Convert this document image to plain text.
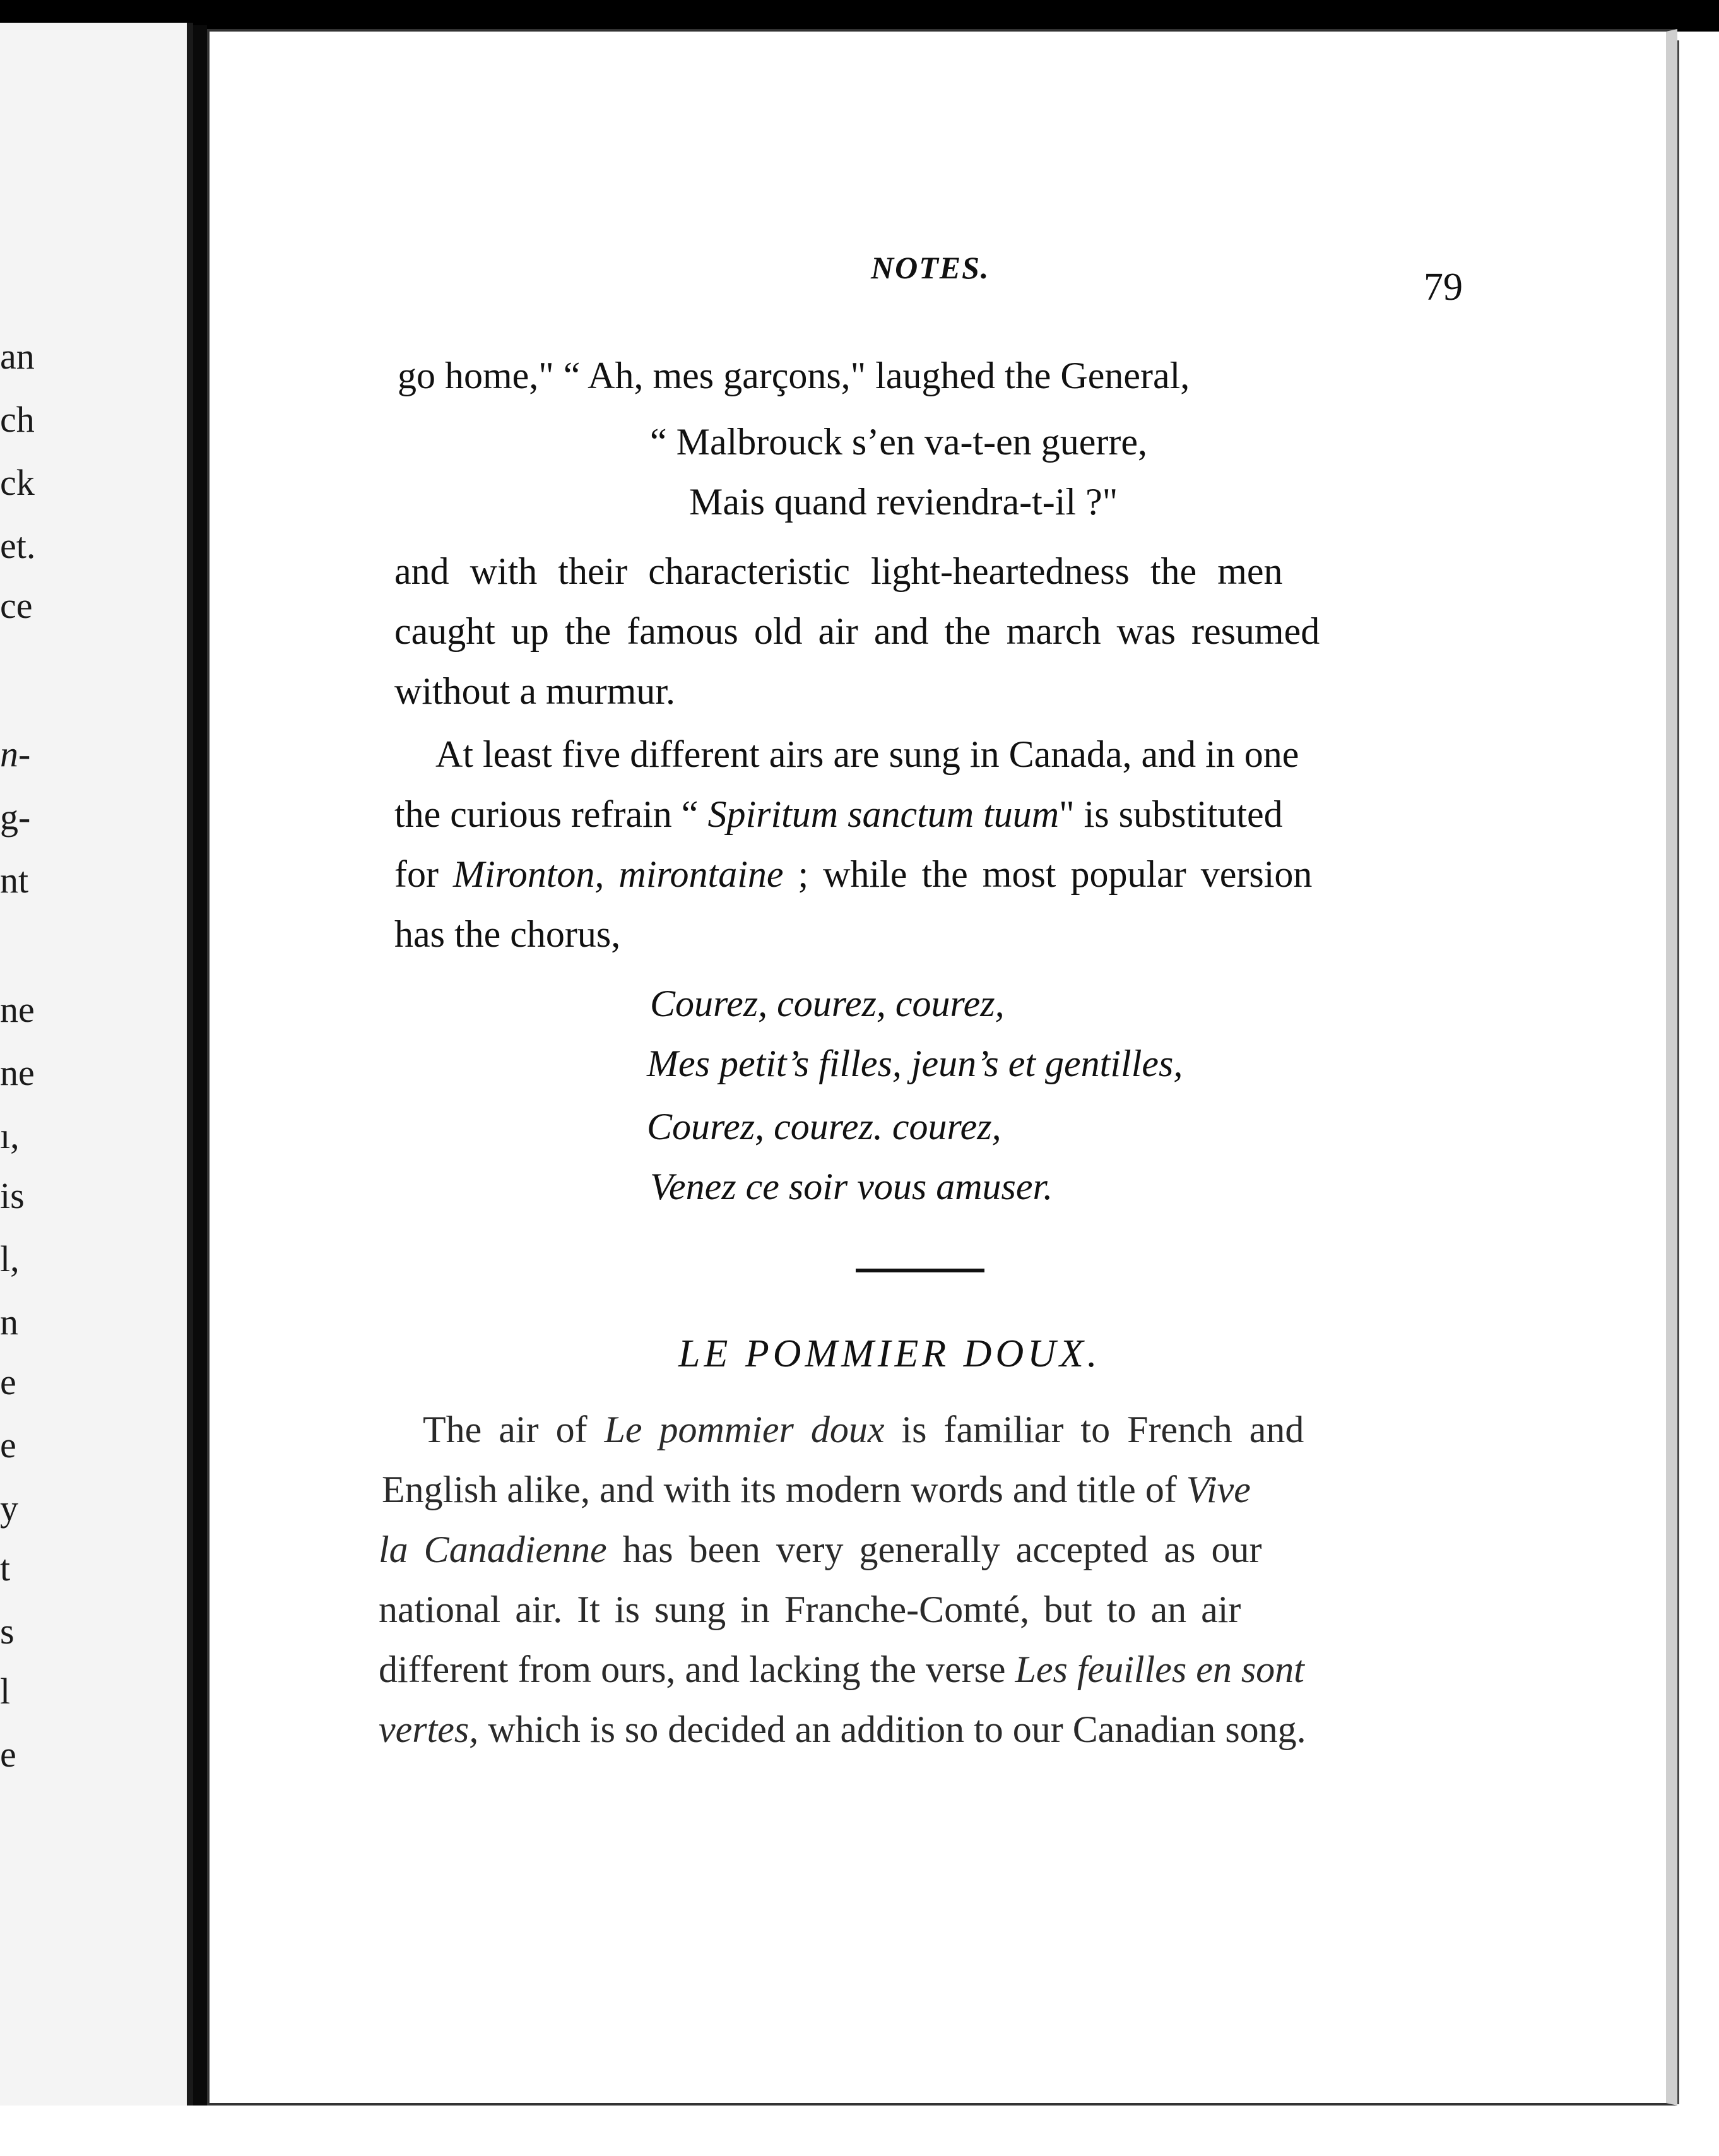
an
ch
ck
et.
ce
n-
g-
nt
ne
ne
ı,
is
l,
n
e
e
y
t
s
l
e
NOTES.	79
go home," “ Ah, mes garçons," laughed the General,
“ Malbrouck s’en va-t-en guerre,
Mais quand reviendra-t-il ?"
and with their characteristic light-heartedness the men
caught up the famous old air and the march was resumed
without a murmur.
At least five different airs are sung in Canada, and in one
the curious refrain “ Spiritum sanctum tuum" is substituted
for Mironton, mirontaine ; while the most popular version
has the chorus,
Courez, courez, courez,
Mes petit’s filles, jeun’s et gentilles,
Courez, courez. courez,
Venez ce soir vous amuser.
LE POMMIER DOUX.
The air of Le pommier doux is familiar to French and
English alike, and with its modern words and title of Vive
la Canadienne has been very generally accepted as our
national air. It is sung in Franche-Comté, but to an air
different from ours, and lacking the verse Les feuilles en sont
vertes, which is so decided an addition to our Canadian song.
